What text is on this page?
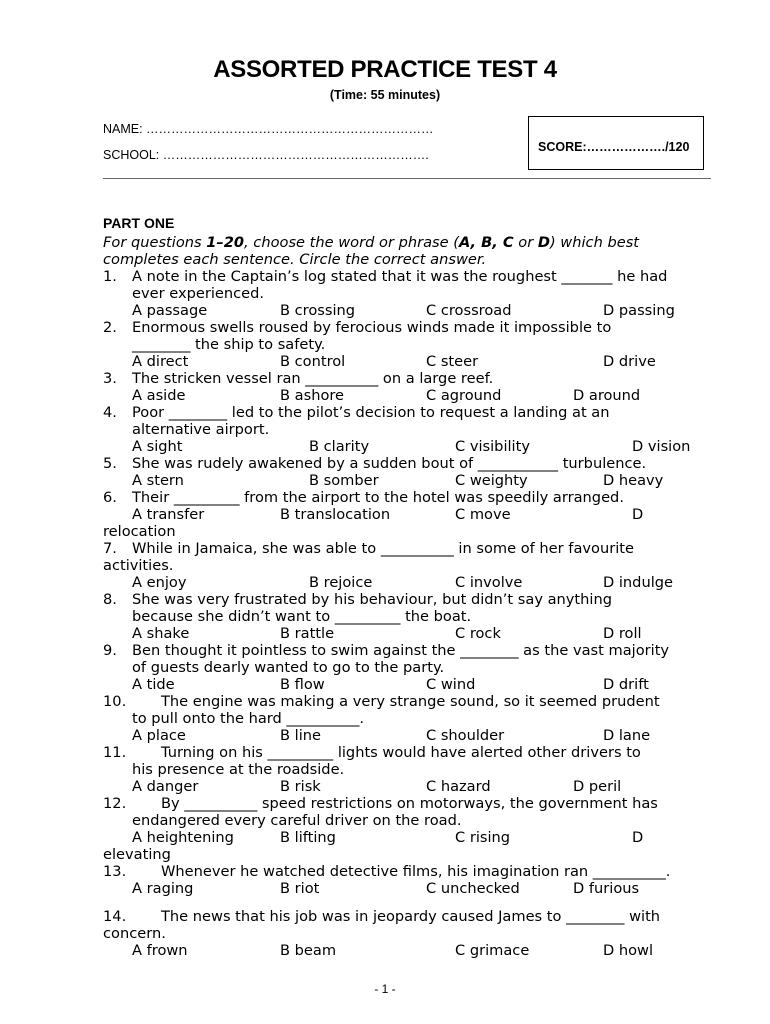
ASSORTED PRACTICE TEST 4
(Time: 55 minutes)
NAME: ……………………………………………………………
SCHOOL: ……………………………………………………….
SCORE:………………./120
PART ONE
For questions 1–20, choose the word or phrase (A, B, C or D) which best
completes each sentence. Circle the correct answer.
1. A note in the Captain’s log stated that it was the roughest _______ he had
ever experienced.
A passage	B crossing	C crossroad	D passing
2. Enormous swells roused by ferocious winds made it impossible to
________ the ship to safety.
A direct	B control	C steer	D drive
3. The stricken vessel ran __________ on a large reef.
A aside	B ashore	C aground	D around
4. Poor ________ led to the pilot’s decision to request a landing at an
alternative airport.
A sight	B clarity	C visibility	D vision
5. She was rudely awakened by a sudden bout of ___________ turbulence.
A stern	B somber	C weighty	D heavy
6. Their _________ from the airport to the hotel was speedily arranged.
A transfer	B translocation	C move	D
relocation
7. While in Jamaica, she was able to __________ in some of her favourite
activities.
A enjoy	B rejoice	C involve	D indulge
8. She was very frustrated by his behaviour, but didn’t say anything
because she didn’t want to _________ the boat.
A shake	B rattle	C rock	D roll
9. Ben thought it pointless to swim against the ________ as the vast majority
of guests dearly wanted to go to the party.
A tide	B flow	C wind	D drift
10. The engine was making a very strange sound, so it seemed prudent
to pull onto the hard __________.
A place	B line	C shoulder	D lane
11. Turning on his _________ lights would have alerted other drivers to
his presence at the roadside.
A danger	B risk	C hazard	D peril
12. By __________ speed restrictions on motorways, the government has
endangered every careful driver on the road.
A heightening	B lifting	C rising	D
elevating
13. Whenever he watched detective films, his imagination ran __________.
A raging	B riot	C unchecked	D furious
14. The news that his job was in jeopardy caused James to ________ with
concern.
A frown	B beam	C grimace	D howl
- 1 -
